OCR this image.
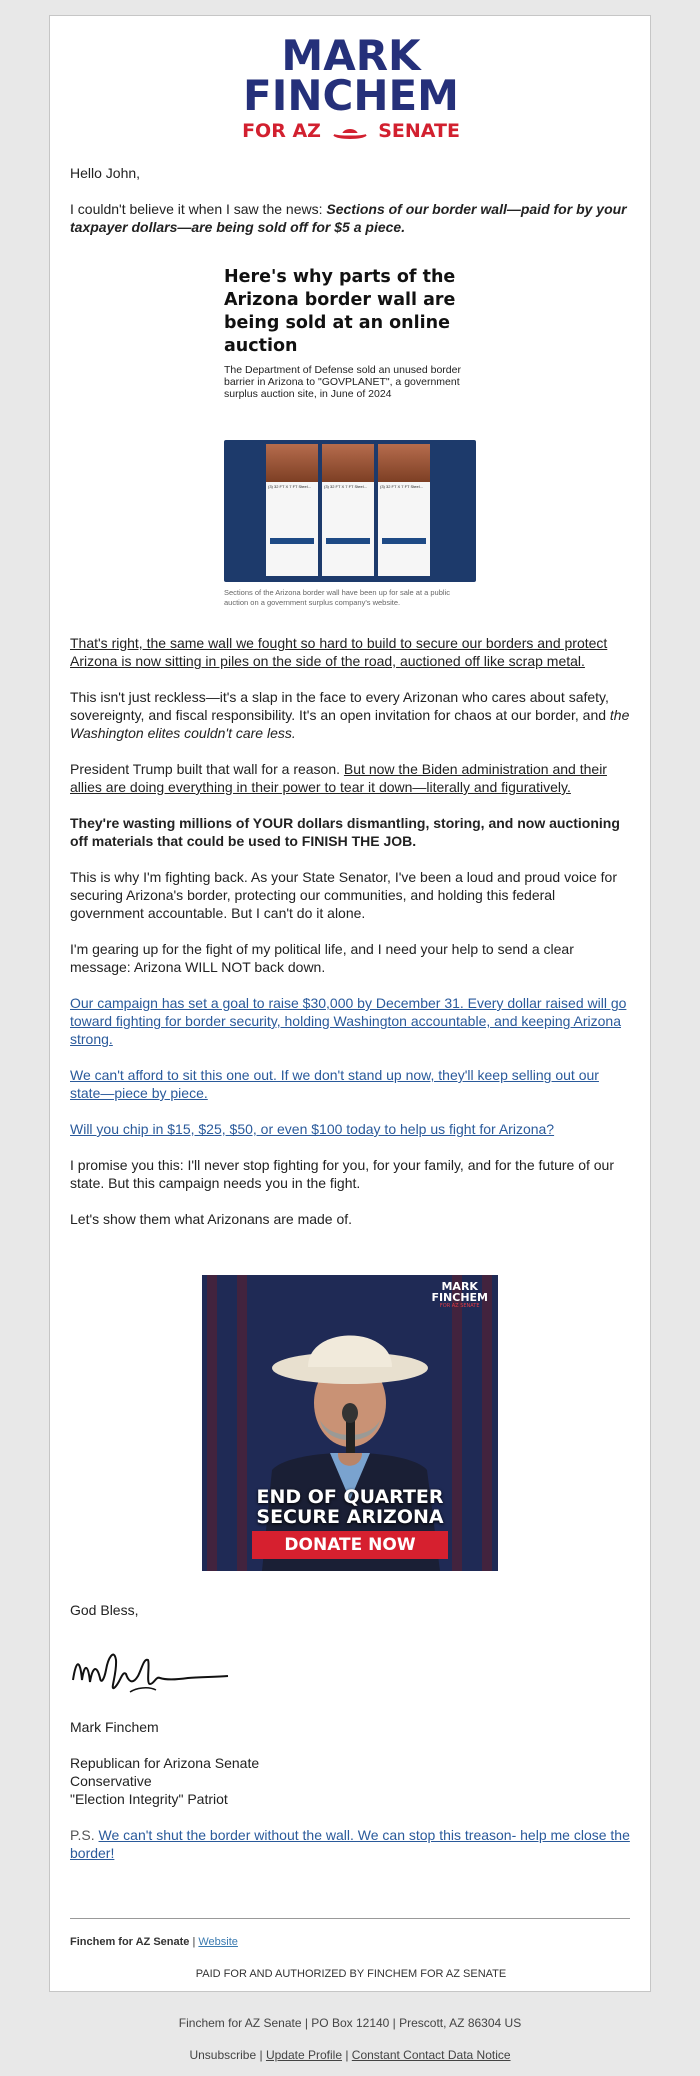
MARK
FINCHEM
FOR AZ	SENATE

Hello John,

I couldn't believe it when I saw the news: Sections of our border wall—paid for by your taxpayer dollars—are being sold off for $5 a piece.

Here's why parts of the Arizona border wall are being sold at an online auction
The Department of Defense sold an unused border barrier in Arizona to "GOVPLANET", a government surplus auction site, in June of 2024
(3) 32 FT X 7 FT Steel...	(3) 32 FT X 7 FT Steel...	(3) 32 FT X 7 FT Steel...
Sections of the Arizona border wall have been up for sale at a public auction on a government surplus company's website.

That's right, the same wall we fought so hard to build to secure our borders and protect Arizona is now sitting in piles on the side of the road, auctioned off like scrap metal.

This isn't just reckless—it's a slap in the face to every Arizonan who cares about safety, sovereignty, and fiscal responsibility. It's an open invitation for chaos at our border, and the Washington elites couldn't care less.

President Trump built that wall for a reason. But now the Biden administration and their allies are doing everything in their power to tear it down—literally and figuratively.

They're wasting millions of YOUR dollars dismantling, storing, and now auctioning off materials that could be used to FINISH THE JOB.

This is why I'm fighting back. As your State Senator, I've been a loud and proud voice for securing Arizona's border, protecting our communities, and holding this federal government accountable. But I can't do it alone.

I'm gearing up for the fight of my political life, and I need your help to send a clear message: Arizona WILL NOT back down.

Our campaign has set a goal to raise $30,000 by December 31. Every dollar raised will go toward fighting for border security, holding Washington accountable, and keeping Arizona strong.

We can't afford to sit this one out. If we don't stand up now, they'll keep selling out our state—piece by piece.

Will you chip in $15, $25, $50, or even $100 today to help us fight for Arizona?

I promise you this: I'll never stop fighting for you, for your family, and for the future of our state. But this campaign needs you in the fight.

Let's show them what Arizonans are made of.

MARK
FINCHEM
FOR AZ SENATE
END OF QUARTER
SECURE ARIZONA
DONATE NOW

God Bless,

Mark Finchem

Republican for Arizona Senate
Conservative
"Election Integrity" Patriot

P.S. We can't shut the border without the wall. We can stop this treason- help me close the border!

Finchem for AZ Senate | Website
PAID FOR AND AUTHORIZED BY FINCHEM FOR AZ SENATE
Finchem for AZ Senate | PO Box 12140 | Prescott, AZ 86304 US
Unsubscribe | Update Profile | Constant Contact Data Notice
